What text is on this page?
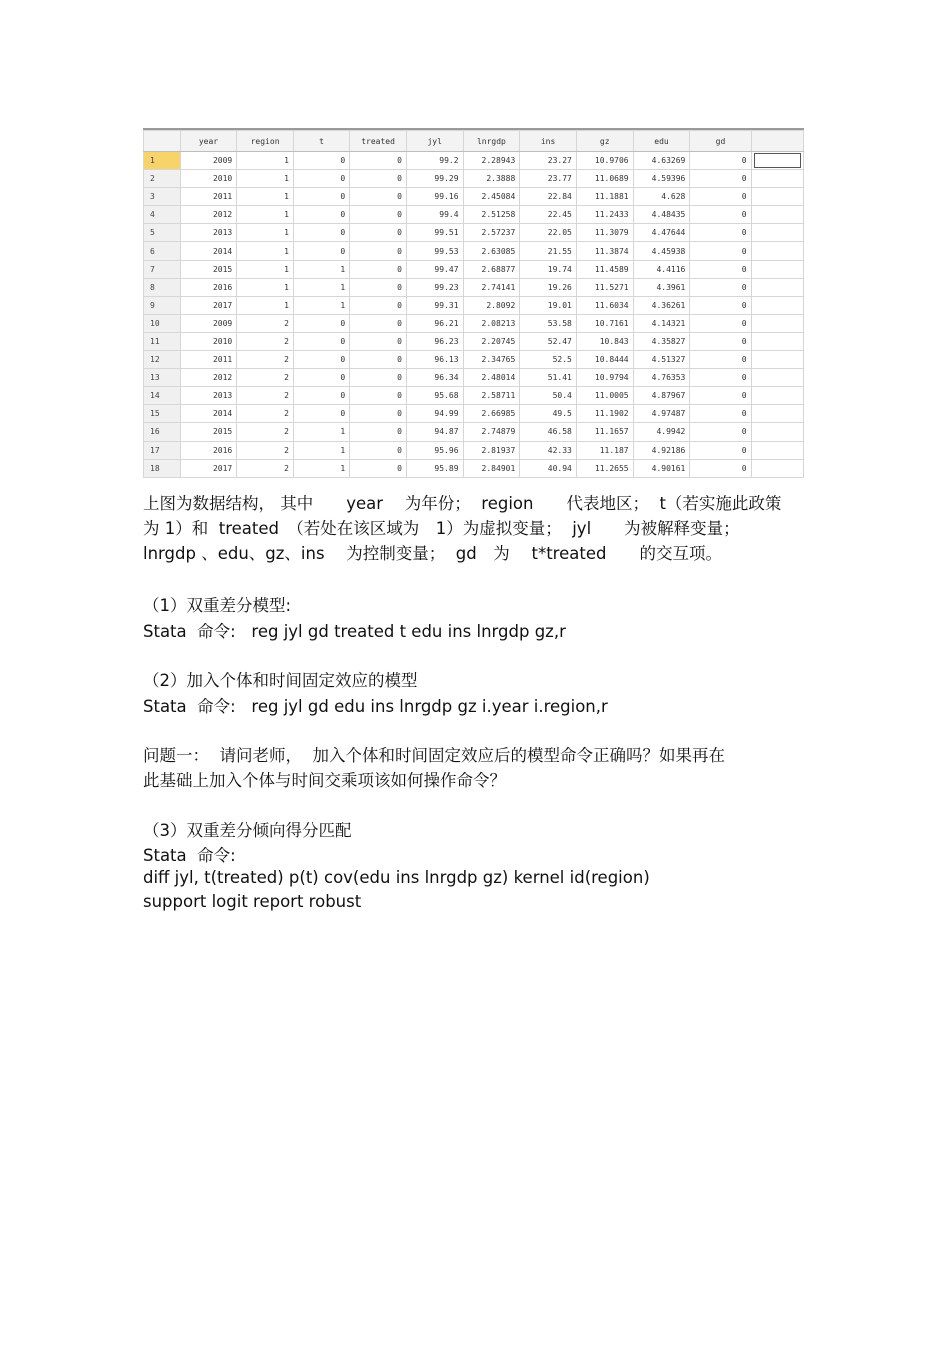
	year	region	t	treated	jyl	lnrgdp	ins	gz	edu	gd	
1	2009	1	0	0	99.2	2.28943	23.27	10.9706	4.63269	0	

2	2010	1	0	0	99.29	2.3888	23.77	11.0689	4.59396	0	
3	2011	1	0	0	99.16	2.45084	22.84	11.1881	4.628	0	
4	2012	1	0	0	99.4	2.51258	22.45	11.2433	4.48435	0	
5	2013	1	0	0	99.51	2.57237	22.05	11.3079	4.47644	0	
6	2014	1	0	0	99.53	2.63085	21.55	11.3874	4.45938	0	
7	2015	1	1	0	99.47	2.68877	19.74	11.4589	4.4116	0	
8	2016	1	1	0	99.23	2.74141	19.26	11.5271	4.3961	0	
9	2017	1	1	0	99.31	2.8092	19.01	11.6034	4.36261	0	
10	2009	2	0	0	96.21	2.08213	53.58	10.7161	4.14321	0	
11	2010	2	0	0	96.23	2.20745	52.47	10.843	4.35827	0	
12	2011	2	0	0	96.13	2.34765	52.5	10.8444	4.51327	0	
13	2012	2	0	0	96.34	2.48014	51.41	10.9794	4.76353	0	
14	2013	2	0	0	95.68	2.58711	50.4	11.0005	4.87967	0	
15	2014	2	0	0	94.99	2.66985	49.5	11.1902	4.97487	0	
16	2015	2	1	0	94.87	2.74879	46.58	11.1657	4.9942	0	
17	2016	2	1	0	95.96	2.81937	42.33	11.187	4.92186	0	
18	2017	2	1	0	95.89	2.84901	40.94	11.2655	4.90161	0	
上图为数据结构， 其中　　year　 为年份；  region　　代表地区；  t（若实施此政策
为 1）和  treated　（若处在该区域为　1）为虚拟变量；  jyl　　为被解释变量；
lnrgdp 、edu、gz、ins　 为控制变量；  gd　为　 t*treated　　的交互项。
（1）双重差分模型:
Stata  命令:   reg jyl gd treated t edu ins lnrgdp gz,r
（2）加入个体和时间固定效应的模型
Stata  命令:   reg jyl gd edu ins lnrgdp gz i.year i.region,r
问题一：  请问老师，  加入个体和时间固定效应后的模型命令正确吗？如果再在
此基础上加入个体与时间交乘项该如何操作命令？
（3）双重差分倾向得分匹配
Stata  命令:
diff jyl, t(treated) p(t) cov(edu ins lnrgdp gz) kernel id(region)
support logit report robust
